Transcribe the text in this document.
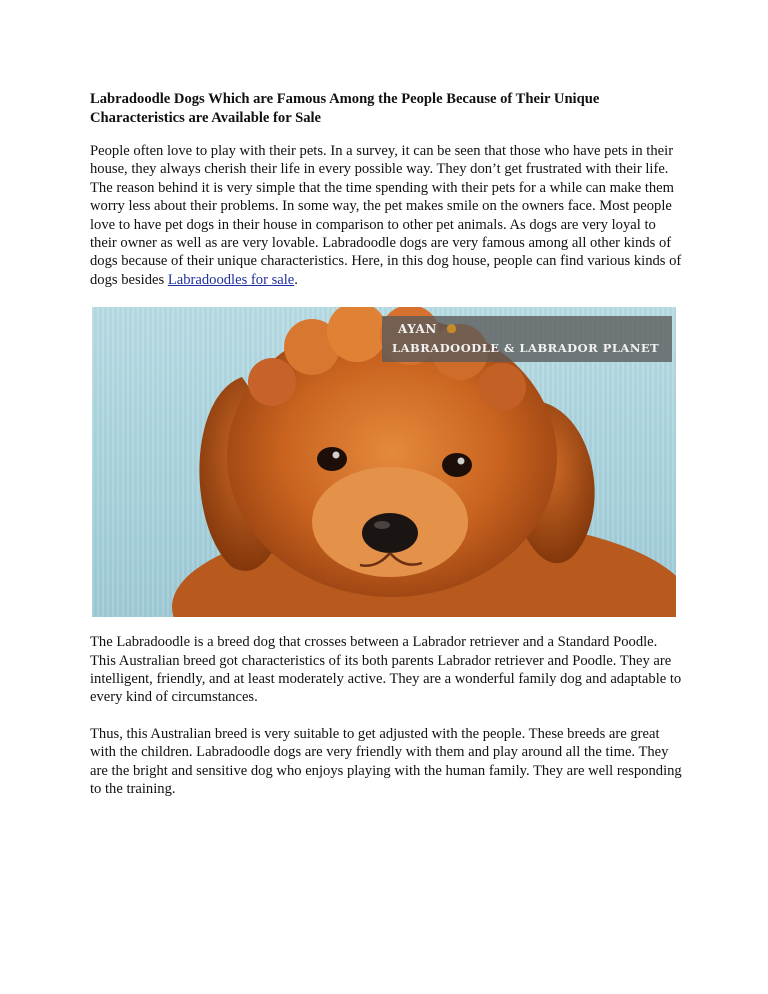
Labradoodle Dogs Which are Famous Among the People Because of Their Unique Characteristics are Available for Sale

People often love to play with their pets. In a survey, it can be seen that those who have pets in their house, they always cherish their life in every possible way. They don’t get frustrated with their life. The reason behind it is very simple that the time spending with their pets for a while can make them worry less about their problems. In some way, the pet makes smile on the owners face. Most people love to have pet dogs in their house in comparison to other pet animals. As dogs are very loyal to their owner as well as are very lovable. Labradoodle dogs are very famous among all other kinds of dogs because of their unique characteristics. Here, in this dog house, people can find various kinds of dogs besides Labradoodles for sale.

AYAN
LABRADOODLE & LABRADOR PLANET

The Labradoodle is a breed dog that crosses between a Labrador retriever and a Standard Poodle. This Australian breed got characteristics of its both parents Labrador retriever and Poodle. They are intelligent, friendly, and at least moderately active. They are a wonderful family dog and adaptable to every kind of circumstances.

Thus, this Australian breed is very suitable to get adjusted with the people. These breeds are great with the children. Labradoodle dogs are very friendly with them and play around all the time. They are the bright and sensitive dog who enjoys playing with the human family. They are well responding to the training.
